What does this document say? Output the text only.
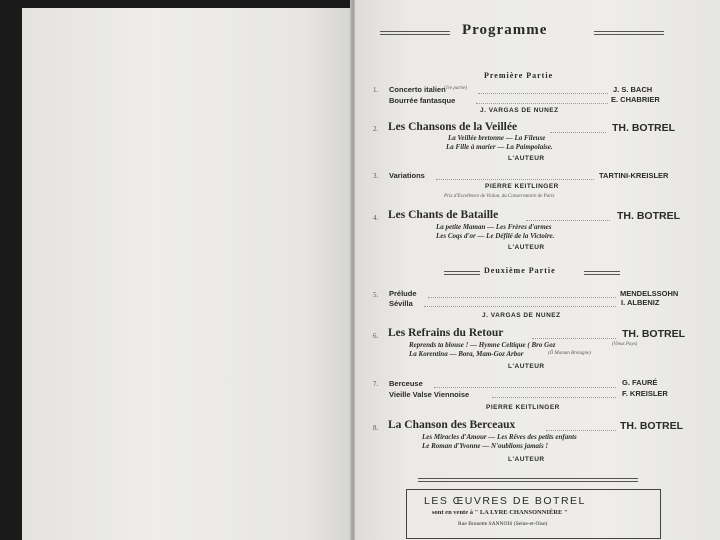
Programme
Première Partie
1. Concerto italien
(1re partie)	J. S. BACH
Bourrée fantasque	E. CHABRIER
J. VARGAS DE NUNEZ
2. Les Chansons de la Veillée	TH. BOTREL
La Veillée bretonne — La Fileuse
La Fille à marier — La Paimpolaise.
L'AUTEUR
3. Variations	TARTINI-KREISLER
PIERRE KEITLINGER
Prix d'Excellence de Violon, du Conservatoire de Paris
4. Les Chants de Bataille	TH. BOTREL
La petite Maman — Les Frères d'armes
Les Coqs d'or — Le Défilé de la Victoire.
L'AUTEUR
Deuxième Partie
5. Prélude	MENDELSSOHN
Sévilla	I. ALBENIZ
J. VARGAS DE NUNEZ
6. Les Refrains du Retour	TH. BOTREL
Reprends ta blouse ! — Hymne Celtique ( Bro Goz	(Vieux Pays)
La Korentina — Bora, Mam-Goz Arbor	(Ô Maman Bretagne)
L'AUTEUR
7. Berceuse	G. FAURÉ
Vieille Valse Viennoise	F. KREISLER
PIERRE KEITLINGER
8. La Chanson des Berceaux	TH. BOTREL
Les Miracles d'Amour — Les Rêves des petits enfants
Le Roman d'Yvonne — N'oublions jamais !
L'AUTEUR
LES ŒUVRES DE BOTREL
sont en vente à " LA LYRE CHANSONNIÈRE "
Rue Brunette SANNOIS (Seine-et-Oise)
